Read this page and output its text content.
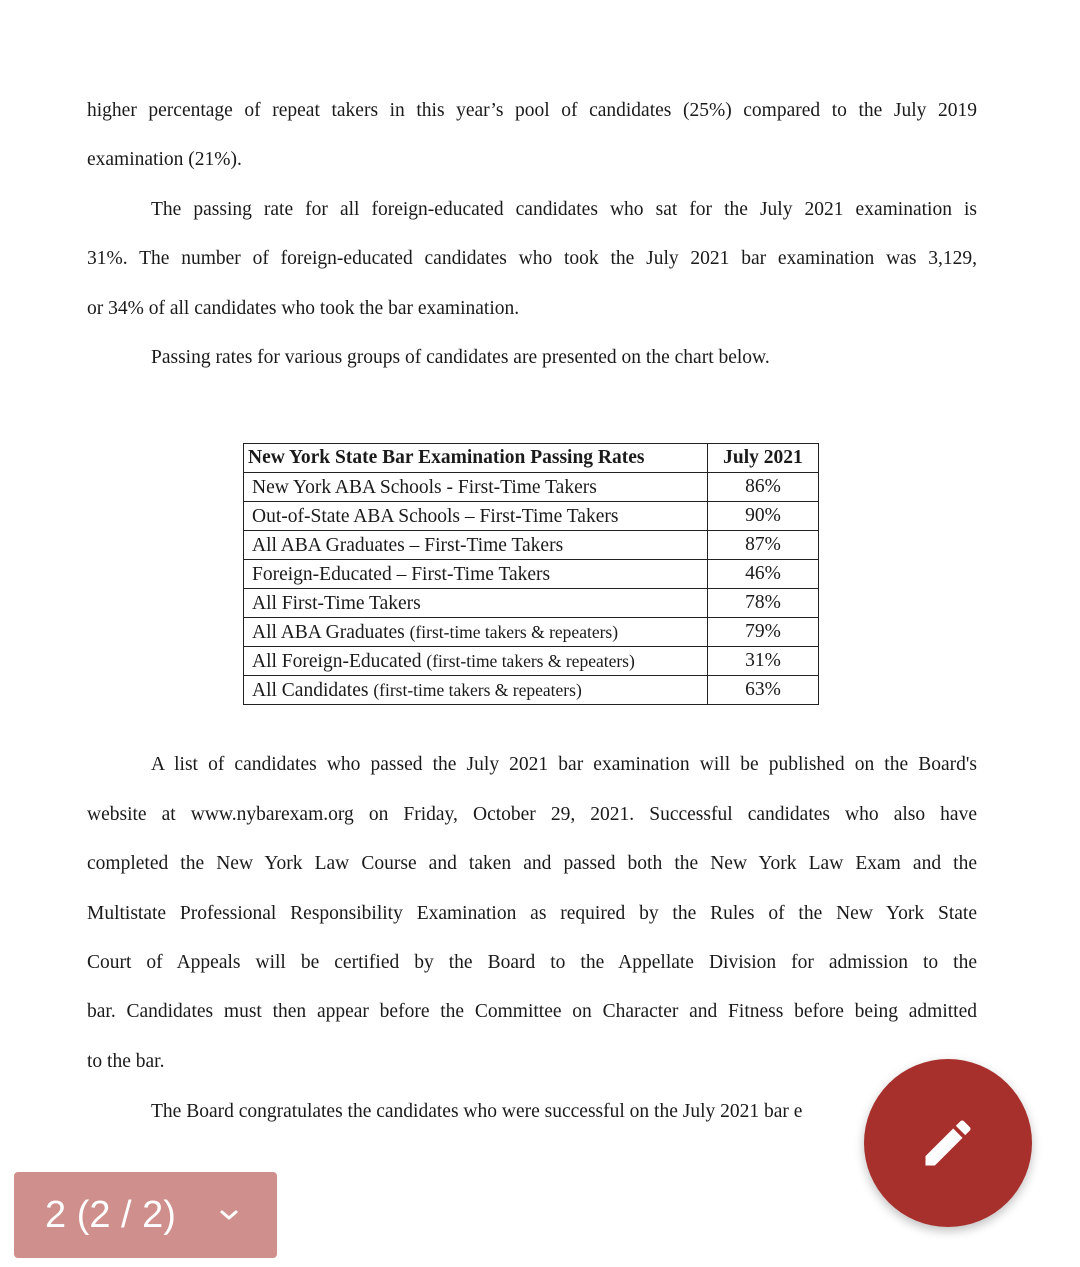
higher percentage of repeat takers in this year’s pool of candidates (25%) compared to the July 2019
examination (21%).
The passing rate for all foreign-educated candidates who sat for the July 2021 examination is
31%. The number of foreign-educated candidates who took the July 2021 bar examination was 3,129,
or 34% of all candidates who took the bar examination.
Passing rates for various groups of candidates are presented on the chart below.
New York State Bar Examination Passing Rates	July 2021
New York ABA Schools - First-Time Takers	86%
Out-of-State ABA Schools – First-Time Takers	90%
All ABA Graduates – First-Time Takers	87%
Foreign-Educated – First-Time Takers	46%
All First-Time Takers	78%
All ABA Graduates (first-time takers & repeaters)	79%
All Foreign-Educated (first-time takers & repeaters)	31%
All Candidates (first-time takers & repeaters)	63%
A list of candidates who passed the July 2021 bar examination will be published on the Board's
website at www.nybarexam.org on Friday, October 29, 2021. Successful candidates who also have
completed the New York Law Course and taken and passed both the New York Law Exam and the
Multistate Professional Responsibility Examination as required by the Rules of the New York State
Court of Appeals will be certified by the Board to the Appellate Division for admission to the
bar. Candidates must then appear before the Committee on Character and Fitness before being admitted
to the bar.
The Board congratulates the candidates who were successful on the July 2021 bar e
2 (2 / 2)
